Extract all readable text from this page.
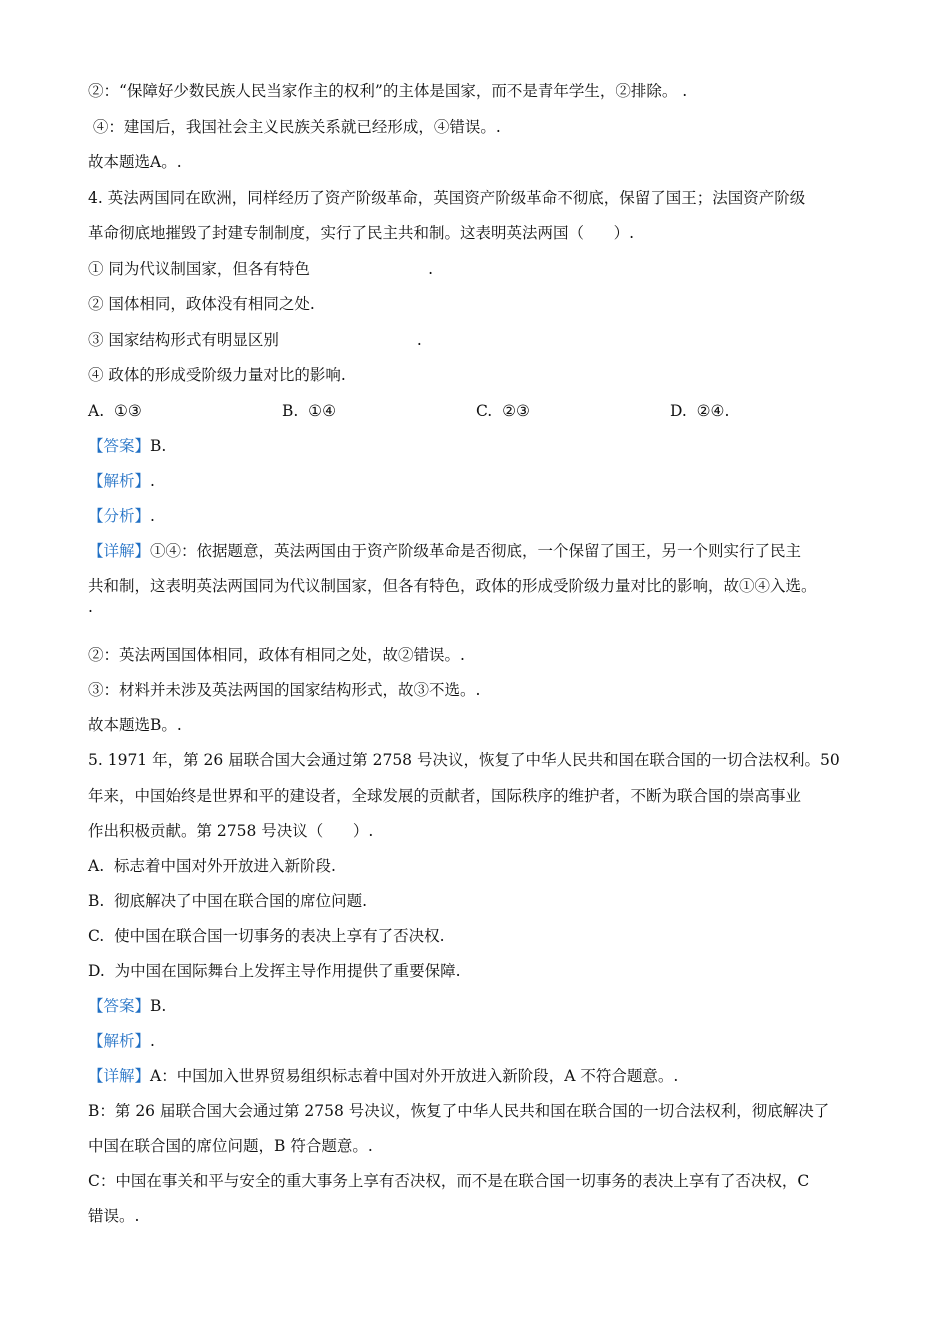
②：“保障好少数民族人民当家作主的权利”的主体是国家，而不是青年学生，②排除。 .
④：建国后，我国社会主义民族关系就已经形成，④错误。.
故本题选A。.
4. 英法两国同在欧洲，同样经历了资产阶级革命，英国资产阶级革命不彻底，保留了国王；法国资产阶级
革命彻底地摧毁了封建专制制度，实行了民主共和制。这表明英法两国（      ）.
① 同为代议制国家，但各有特色                        .
② 国体相同，政体没有相同之处.
③ 国家结构形式有明显区别                            .
④ 政体的形成受阶级力量对比的影响.
A.  ①③	B.  ①④	C.  ②③	D.  ②④.
【答案】B.
【解析】.
【分析】.
【详解】①④：依据题意，英法两国由于资产阶级革命是否彻底，一个保留了国王，另一个则实行了民主
共和制，这表明英法两国同为代议制国家，但各有特色，政体的形成受阶级力量对比的影响，故①④入选。
.
②：英法两国国体相同，政体有相同之处，故②错误。.
③：材料并未涉及英法两国的国家结构形式，故③不选。.
故本题选B。.
5. 1971 年，第 26 届联合国大会通过第 2758 号决议，恢复了中华人民共和国在联合国的一切合法权利。50
年来，中国始终是世界和平的建设者，全球发展的贡献者，国际秩序的维护者，不断为联合国的崇高事业
作出积极贡献。第 2758 号决议（      ）.
A.  标志着中国对外开放进入新阶段.
B.  彻底解决了中国在联合国的席位问题.
C.  使中国在联合国一切事务的表决上享有了否决权.
D.  为中国在国际舞台上发挥主导作用提供了重要保障.
【答案】B.
【解析】.
【详解】A：中国加入世界贸易组织标志着中国对外开放进入新阶段，A 不符合题意。.
B：第 26 届联合国大会通过第 2758 号决议，恢复了中华人民共和国在联合国的一切合法权利，彻底解决了
中国在联合国的席位问题，B 符合题意。.
C：中国在事关和平与安全的重大事务上享有否决权，而不是在联合国一切事务的表决上享有了否决权，C
错误。.
